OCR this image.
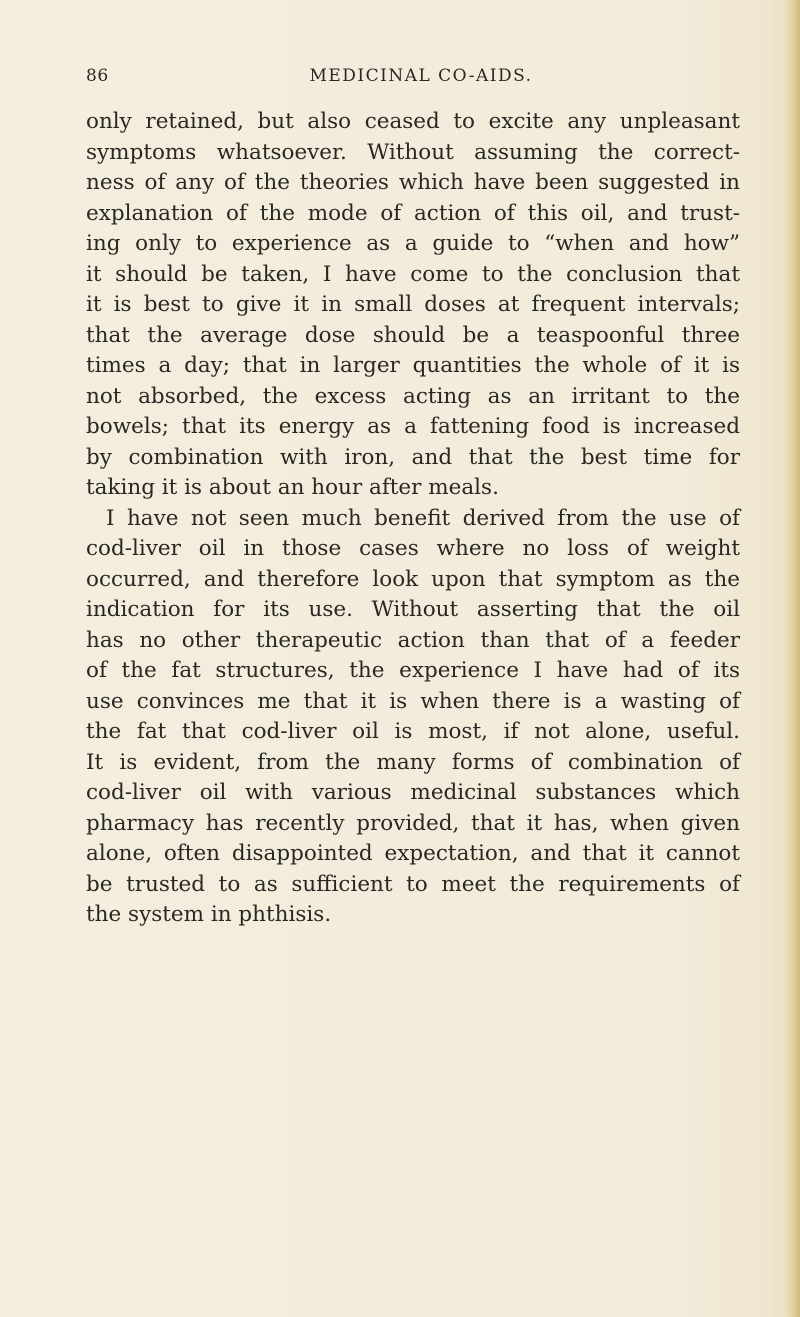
86	MEDICINAL CO-AIDS.
only retained, but also ceased to excite any unpleasant
symptoms whatsoever. Without assuming the correct-
ness of any of the theories which have been suggested in
explanation of the mode of action of this oil, and trust-
ing only to experience as a guide to “when and how”
it should be taken, I have come to the conclusion that
it is best to give it in small doses at frequent intervals;
that the average dose should be a teaspoonful three
times a day; that in larger quantities the whole of it is
not absorbed, the excess acting as an irritant to the
bowels; that its energy as a fattening food is increased
by combination with iron, and that the best time for
taking it is about an hour after meals.
I have not seen much benefit derived from the use of
cod-liver oil in those cases where no loss of weight
occurred, and therefore look upon that symptom as the
indication for its use. Without asserting that the oil
has no other therapeutic action than that of a feeder
of the fat structures, the experience I have had of its
use convinces me that it is when there is a wasting of
the fat that cod-liver oil is most, if not alone, useful.
It is evident, from the many forms of combination of
cod-liver oil with various medicinal substances which
pharmacy has recently provided, that it has, when given
alone, often disappointed expectation, and that it cannot
be trusted to as sufficient to meet the requirements of
the system in phthisis.
